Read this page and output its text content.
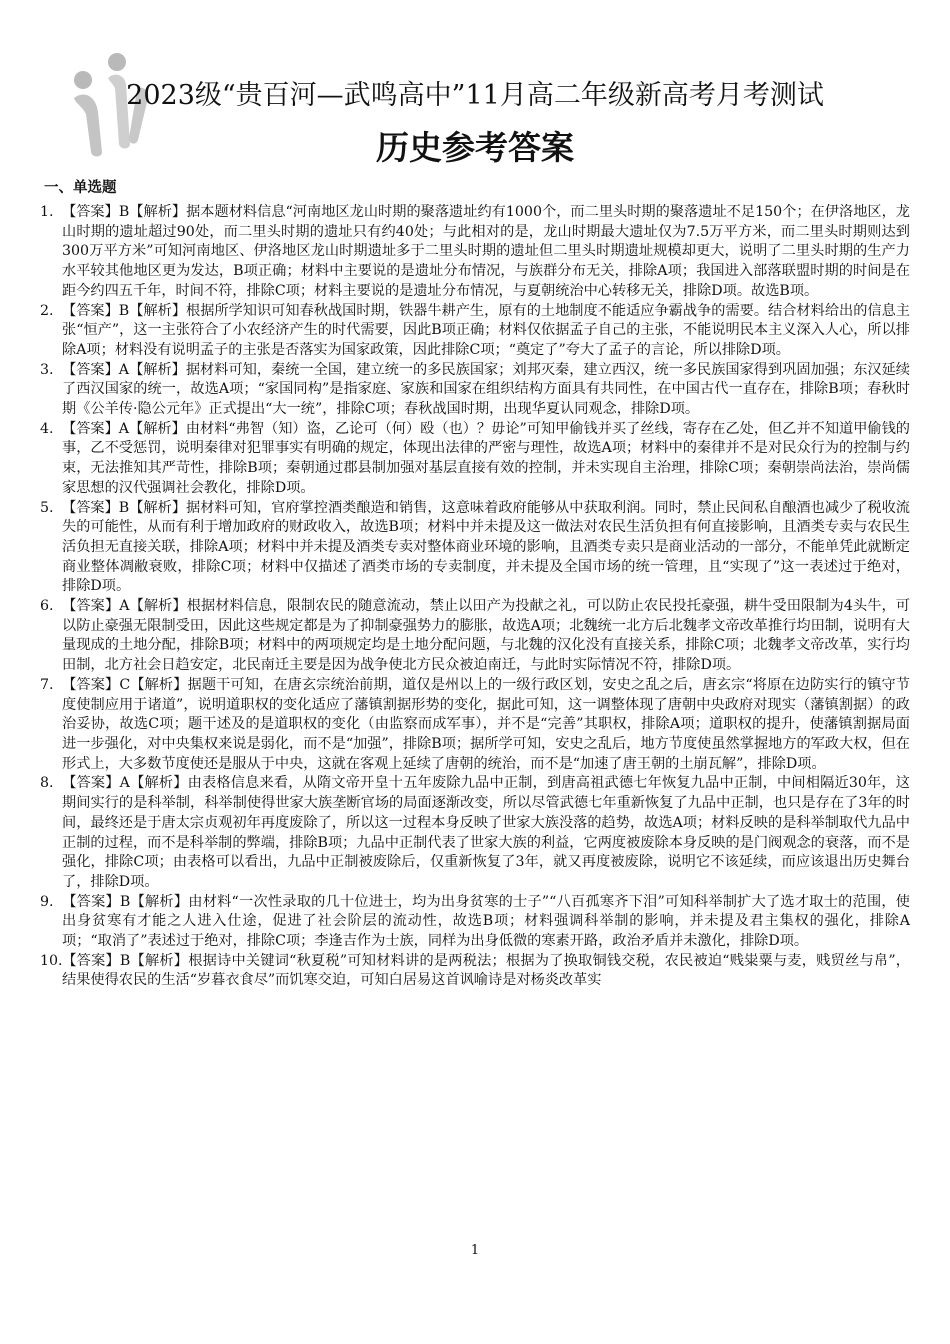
2023级“贵百河—武鸣高中”11月高二年级新高考月考测试
历史参考答案
一、单选题

1. 【答案】B【解析】据本题材料信息“河南地区龙山时期的聚落遗址约有1000个，而二里头时期的聚落遗址不足150个；在伊洛地区，龙山时期的遗址超过90处，而二里头时期的遗址只有约40处；与此相对的是，龙山时期最大遗址仅为7.5万平方米，而二里头时期则达到300万平方米”可知河南地区、伊洛地区龙山时期遗址多于二里头时期的遗址但二里头时期遗址规模却更大，说明了二里头时期的生产力水平较其他地区更为发达，B项正确；材料中主要说的是遗址分布情况，与族群分布无关，排除A项；我国进入部落联盟时期的时间是在距今约四五千年，时间不符，排除C项；材料主要说的是遗址分布情况，与夏朝统治中心转移无关，排除D项。故选B项。

2. 【答案】B【解析】根据所学知识可知春秋战国时期，铁器牛耕产生，原有的土地制度不能适应争霸战争的需要。结合材料给出的信息主张“恒产”，这一主张符合了小农经济产生的时代需要，因此B项正确；材料仅依据孟子自己的主张，不能说明民本主义深入人心，所以排除A项；材料没有说明孟子的主张是否落实为国家政策，因此排除C项；“奠定了”夸大了孟子的言论，所以排除D项。

3. 【答案】A【解析】据材料可知，秦统一全国，建立统一的多民族国家；刘邦灭秦，建立西汉，统一多民族国家得到巩固加强；东汉延续了西汉国家的统一，故选A项；“家国同构”是指家庭、家族和国家在组织结构方面具有共同性，在中国古代一直存在，排除B项；春秋时期《公羊传·隐公元年》正式提出“大一统”，排除C项；春秋战国时期，出现华夏认同观念，排除D项。

4. 【答案】A【解析】由材料“弗智（知）盗，乙论可（何）殴（也）？毋论”可知甲偷钱并买了丝线，寄存在乙处，但乙并不知道甲偷钱的事，乙不受惩罚，说明秦律对犯罪事实有明确的规定，体现出法律的严密与理性，故选A项；材料中的秦律并不是对民众行为的控制与约束，无法推知其严苛性，排除B项；秦朝通过郡县制加强对基层直接有效的控制，并未实现自主治理，排除C项；秦朝崇尚法治，崇尚儒家思想的汉代强调社会教化，排除D项。

5. 【答案】B【解析】据材料可知，官府掌控酒类酿造和销售，这意味着政府能够从中获取利润。同时，禁止民间私自酿酒也减少了税收流失的可能性，从而有利于增加政府的财政收入，故选B项；材料中并未提及这一做法对农民生活负担有何直接影响，且酒类专卖与农民生活负担无直接关联，排除A项；材料中并未提及酒类专卖对整体商业环境的影响，且酒类专卖只是商业活动的一部分，不能单凭此就断定商业整体凋敝衰败，排除C项；材料中仅描述了酒类市场的专卖制度，并未提及全国市场的统一管理，且“实现了”这一表述过于绝对，排除D项。

6. 【答案】A【解析】根据材料信息，限制农民的随意流动，禁止以田产为投献之礼，可以防止农民投托豪强，耕牛受田限制为4头牛，可以防止豪强无限制受田，因此这些规定都是为了抑制豪强势力的膨胀，故选A项；北魏统一北方后北魏孝文帝改革推行均田制，说明有大量现成的土地分配，排除B项；材料中的两项规定均是土地分配问题，与北魏的汉化没有直接关系，排除C项；北魏孝文帝改革，实行均田制，北方社会日趋安定，北民南迁主要是因为战争使北方民众被迫南迁，与此时实际情况不符，排除D项。

7. 【答案】C【解析】据题干可知，在唐玄宗统治前期，道仅是州以上的一级行政区划，安史之乱之后，唐玄宗“将原在边防实行的镇守节度使制应用于诸道”，说明道职权的变化适应了藩镇割据形势的变化，据此可知，这一调整体现了唐朝中央政府对现实（藩镇割据）的政治妥协，故选C项；题干述及的是道职权的变化（由监察而成军事），并不是“完善”其职权，排除A项；道职权的提升，使藩镇割据局面进一步强化，对中央集权来说是弱化，而不是“加强”，排除B项；据所学可知，安史之乱后，地方节度使虽然掌握地方的军政大权，但在形式上，大多数节度使还是服从于中央，这就在客观上延续了唐朝的统治，而不是“加速了唐王朝的土崩瓦解”，排除D项。

8. 【答案】A【解析】由表格信息来看，从隋文帝开皇十五年废除九品中正制，到唐高祖武德七年恢复九品中正制，中间相隔近30年，这期间实行的是科举制，科举制使得世家大族垄断官场的局面逐渐改变，所以尽管武德七年重新恢复了九品中正制，也只是存在了3年的时间，最终还是于唐太宗贞观初年再度废除了，所以这一过程本身反映了世家大族没落的趋势，故选A项；材料反映的是科举制取代九品中正制的过程，而不是科举制的弊端，排除B项；九品中正制代表了世家大族的利益，它两度被废除本身反映的是门阀观念的衰落，而不是强化，排除C项；由表格可以看出，九品中正制被废除后，仅重新恢复了3年，就又再度被废除，说明它不该延续，而应该退出历史舞台了，排除D项。

9. 【答案】B【解析】由材料“一次性录取的几十位进士，均为出身贫寒的士子”“八百孤寒齐下泪”可知科举制扩大了选才取士的范围，使出身贫寒有才能之人进入仕途，促进了社会阶层的流动性，故选B项；材料强调科举制的影响，并未提及君主集权的强化，排除A项；“取消了”表述过于绝对，排除C项；李逢吉作为士族，同样为出身低微的寒素开路，政治矛盾并未激化，排除D项。

10.【答案】B【解析】根据诗中关键词“秋夏税”可知材料讲的是两税法；根据为了换取铜钱交税，农民被迫“贱粜粟与麦，贱贸丝与帛”，结果使得农民的生活“岁暮衣食尽”而饥寒交迫，可知白居易这首讽喻诗是对杨炎改革实

1
